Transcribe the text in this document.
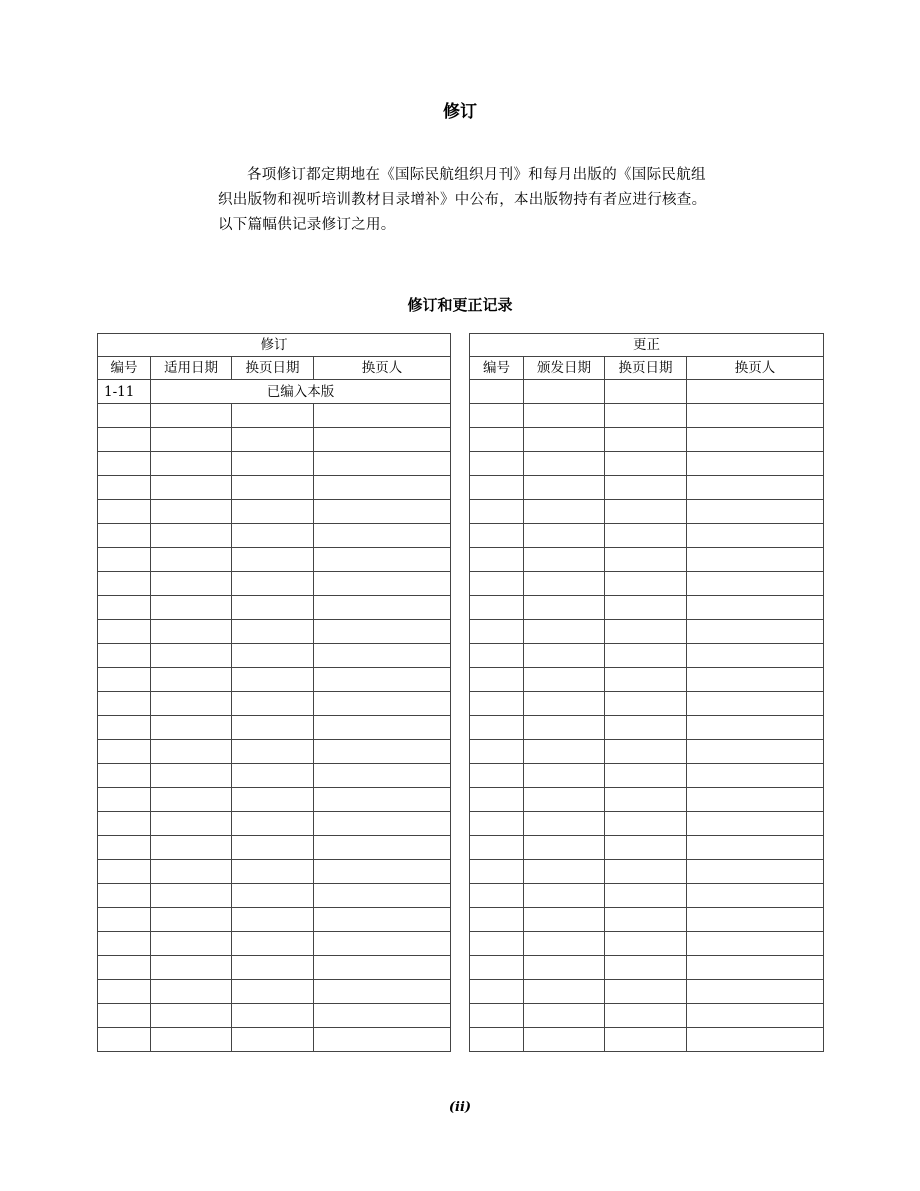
修订
各项修订都定期地在《国际民航组织月刊》和每月出版的《国际民航组织出版物和视听培训教材目录增补》中公布，本出版物持有者应进行核查。以下篇幅供记录修订之用。
修订和更正记录
修订			
编号	适用日期	换页日期	换页人
1-11	已编入本版		

更正			
编号	颁发日期	换页日期	换页人

(ii)
